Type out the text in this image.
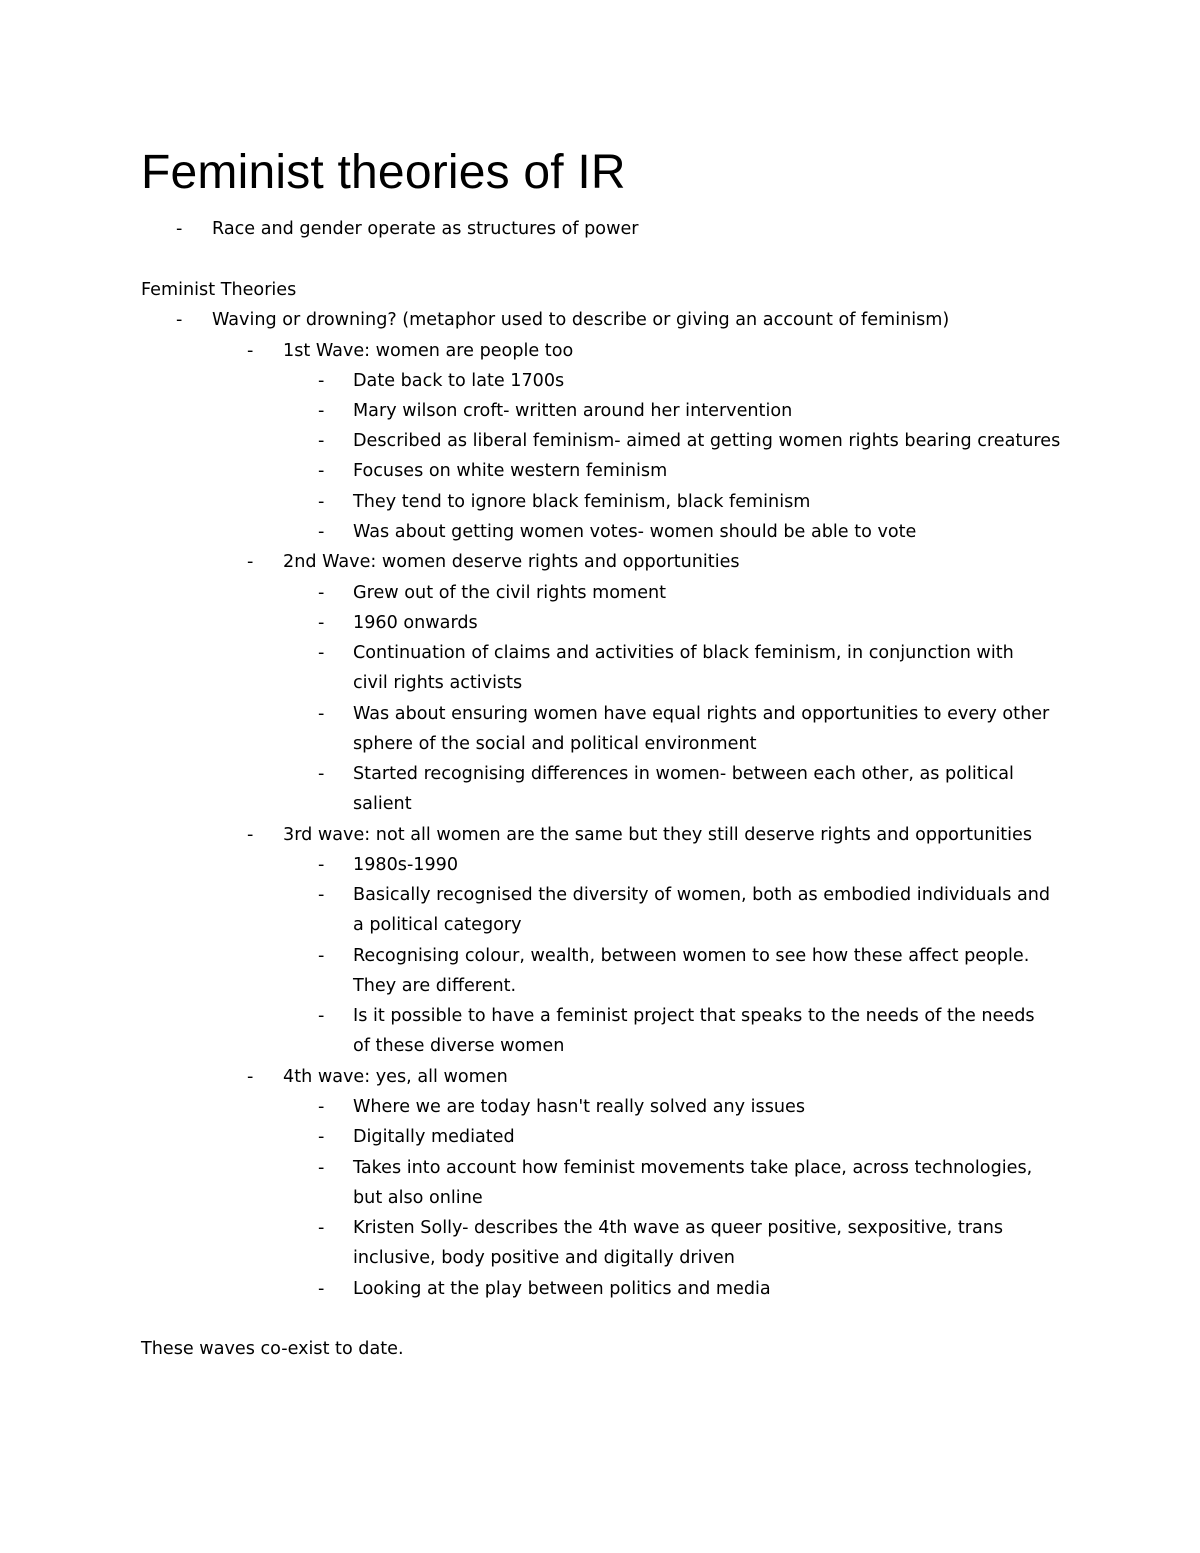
Feminist theories of IR
- Race and gender operate as structures of power
Feminist Theories
- Waving or drowning? (metaphor used to describe or giving an account of feminism)
- 1st Wave: women are people too
- Date back to late 1700s
- Mary wilson croft- written around her intervention
- Described as liberal feminism- aimed at getting women rights bearing creatures
- Focuses on white western feminism
- They tend to ignore black feminism, black feminism
- Was about getting women votes- women should be able to vote
- 2nd Wave: women deserve rights and opportunities
- Grew out of the civil rights moment
- 1960 onwards
- Continuation of claims and activities of black feminism, in conjunction with civil rights activists
- Was about ensuring women have equal rights and opportunities to every other sphere of the social and political environment
- Started recognising differences in women- between each other, as political salient
- 3rd wave: not all women are the same but they still deserve rights and opportunities
- 1980s-1990
- Basically recognised the diversity of women, both as embodied individuals and a political category
- Recognising colour, wealth, between women to see how these affect people. They are different.
- Is it possible to have a feminist project that speaks to the needs of the needs of these diverse women
- 4th wave: yes, all women
- Where we are today hasn't really solved any issues
- Digitally mediated
- Takes into account how feminist movements take place, across technologies, but also online
- Kristen Solly- describes the 4th wave as queer positive, sexpositive, trans inclusive, body positive and digitally driven
- Looking at the play between politics and media
These waves co-exist to date.
